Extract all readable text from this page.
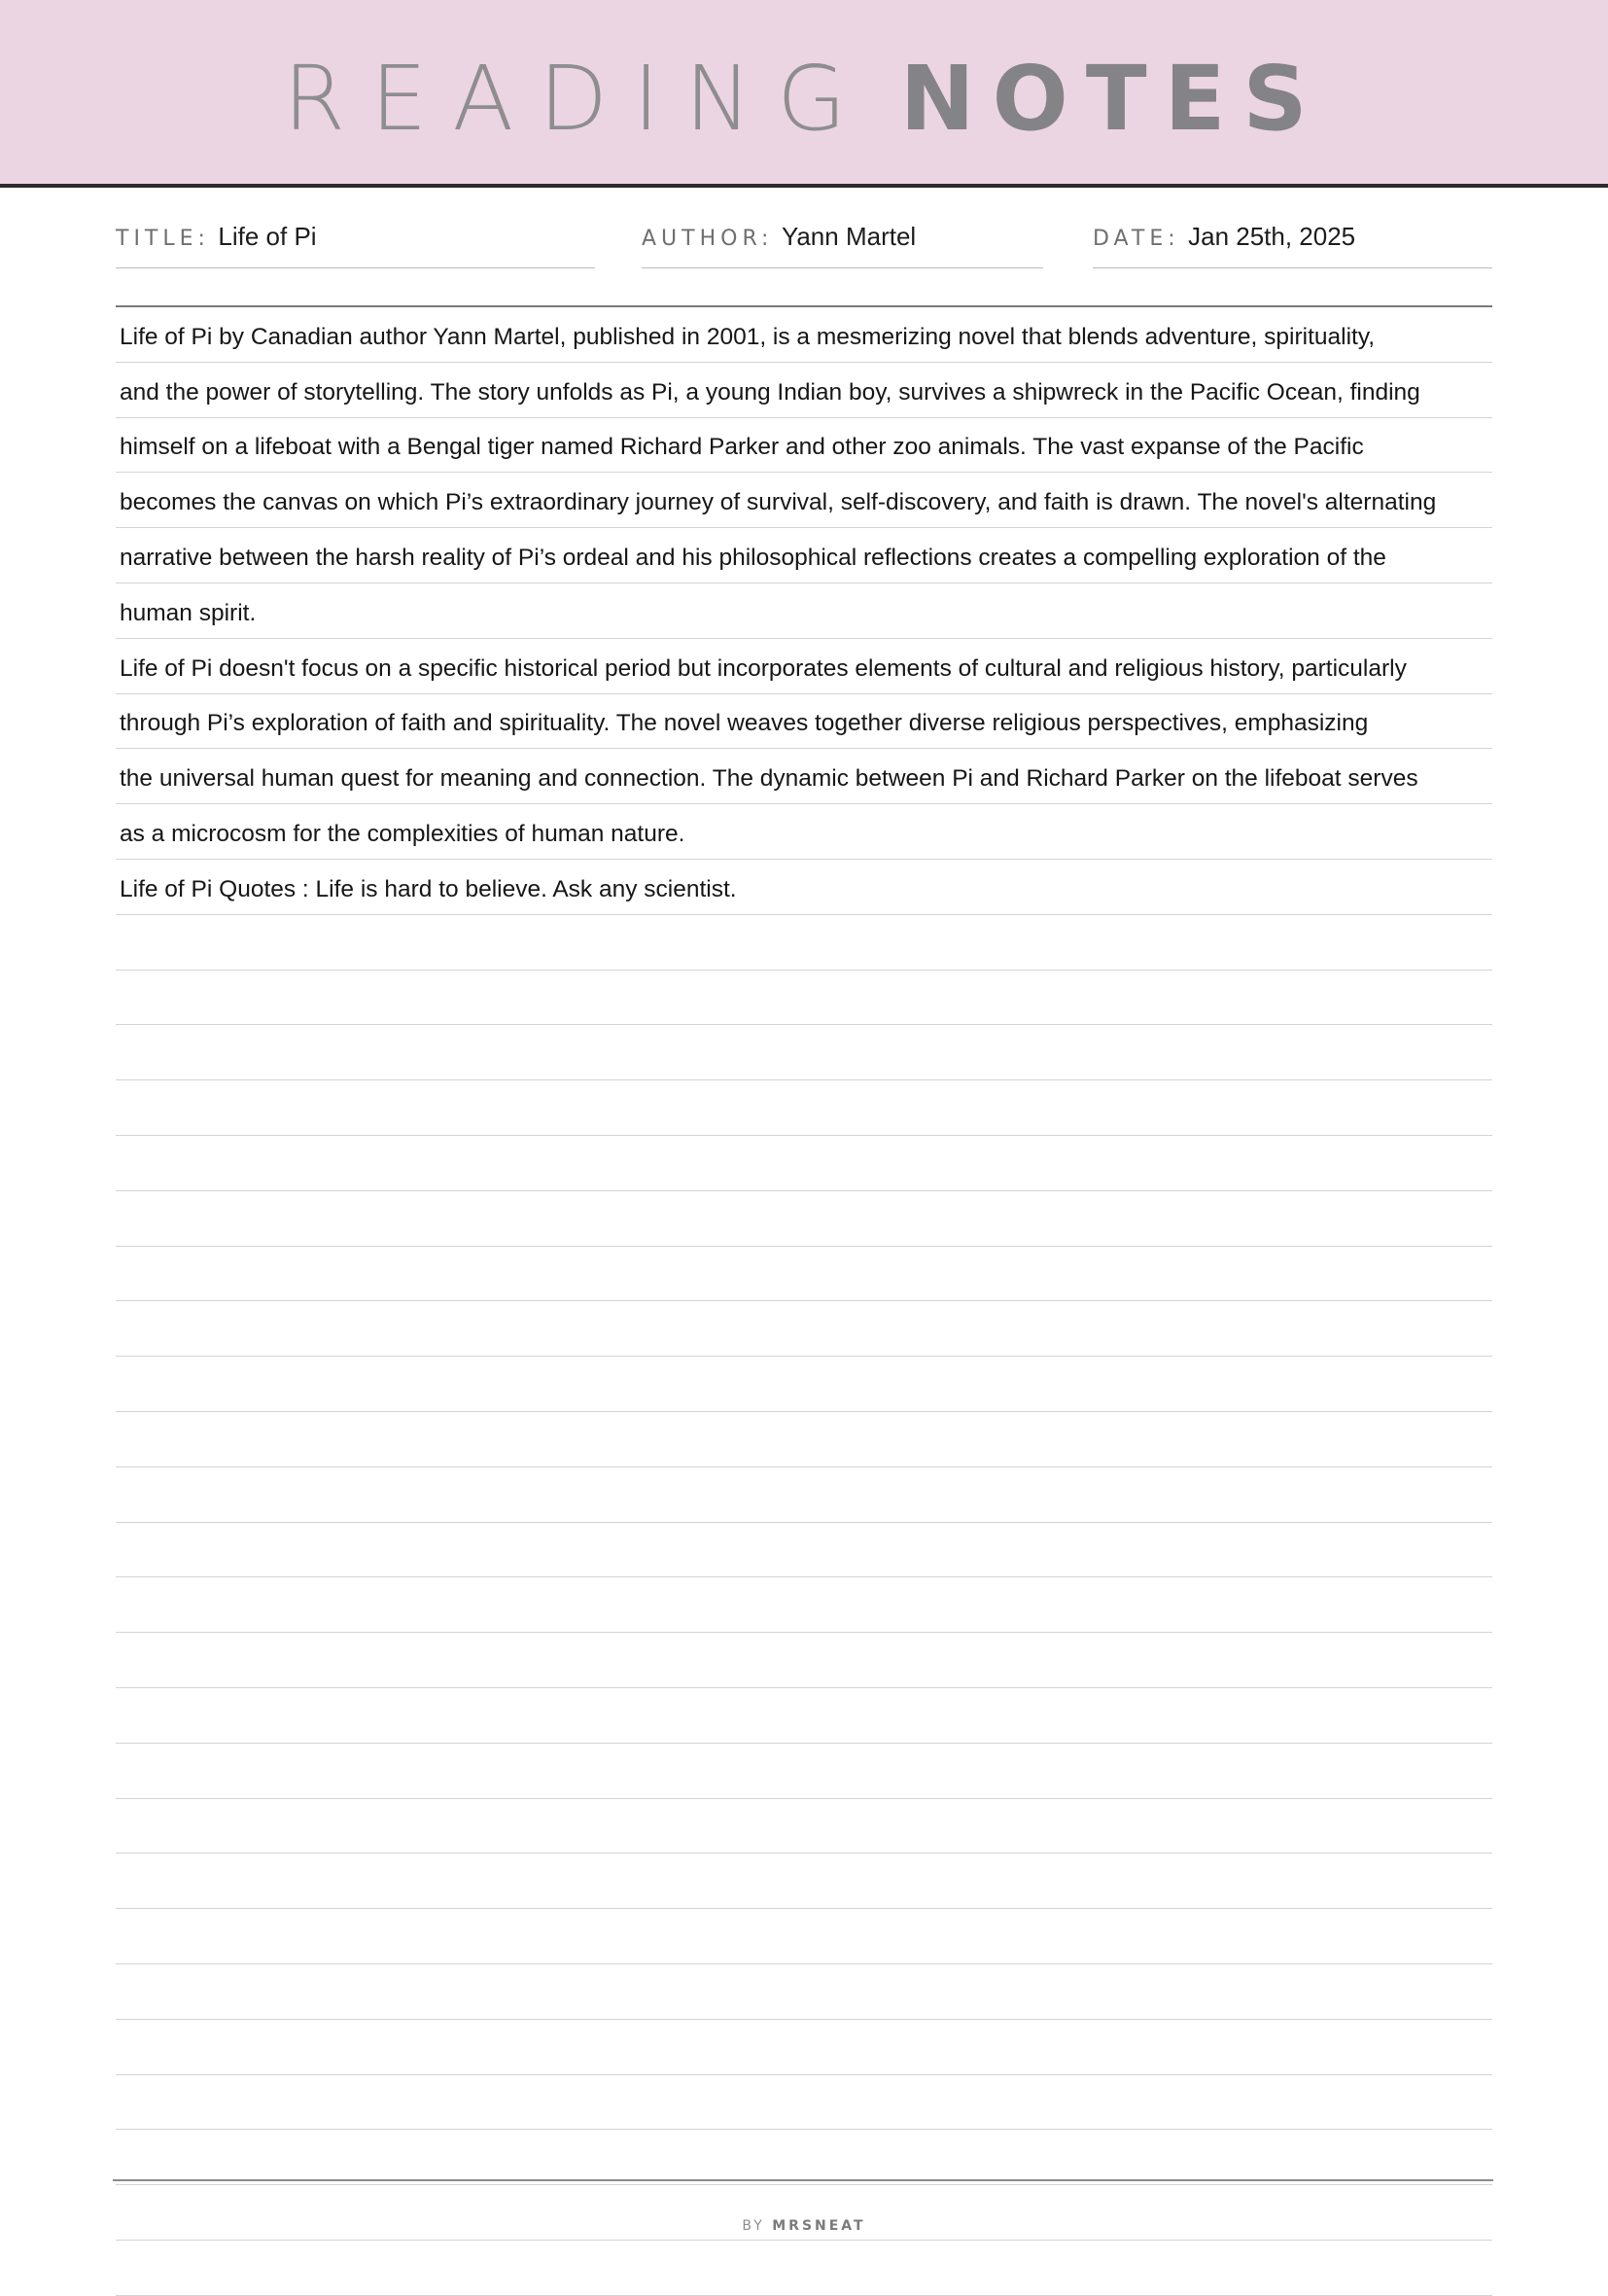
READING NOTES
TITLE: Life of Pi	AUTHOR: Yann Martel	DATE: Jan 25th, 2025
Life of Pi by Canadian author Yann Martel, published in 2001, is a mesmerizing novel that blends adventure, spirituality,
and the power of storytelling. The story unfolds as Pi, a young Indian boy, survives a shipwreck in the Pacific Ocean, finding
himself on a lifeboat with a Bengal tiger named Richard Parker and other zoo animals. The vast expanse of the Pacific
becomes the canvas on which Pi’s extraordinary journey of survival, self-discovery, and faith is drawn. The novel's alternating
narrative between the harsh reality of Pi’s ordeal and his philosophical reflections creates a compelling exploration of the
human spirit.
Life of Pi doesn't focus on a specific historical period but incorporates elements of cultural and religious history, particularly
through Pi’s exploration of faith and spirituality. The novel weaves together diverse religious perspectives, emphasizing
the universal human quest for meaning and connection. The dynamic between Pi and Richard Parker on the lifeboat serves
as a microcosm for the complexities of human nature.
Life of Pi Quotes : Life is hard to believe. Ask any scientist.
BY MRSNEAT
